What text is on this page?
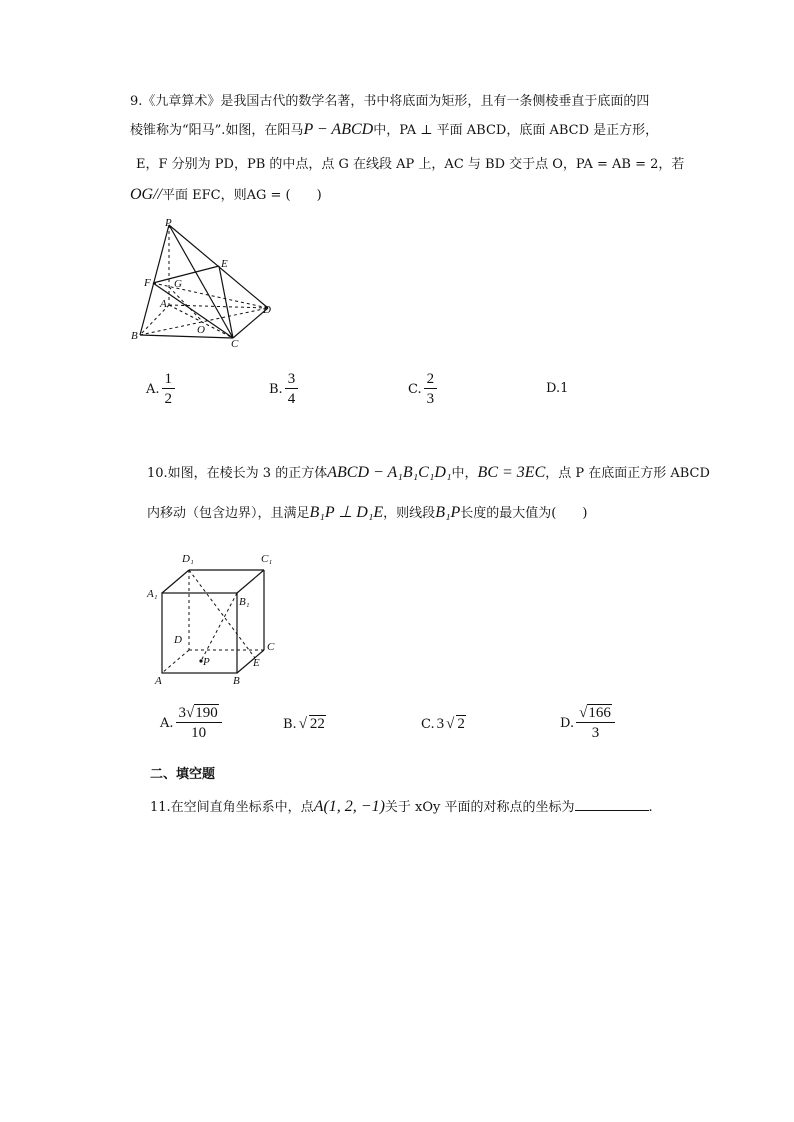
9.《九章算术》是我国古代的数学名著，书中将底面为矩形，且有一条侧棱垂直于底面的四
棱锥称为“阳马”.如图，在阳马P − ABCD中，PA ⊥ 平面 ABCD，底面 ABCD 是正方形，
E，F 分别为 PD，PB 的中点，点 G 在线段 AP 上，AC 与 BD 交于点 O，PA = AB = 2，若
OG//平面 EFC，则AG = (　　)
P
E
F G
A	D
O
B
C
A. $\frac{1}{2}$	B. $\frac{3}{4}$	C. $\frac{2}{3}$	D.1
10.如图，在棱长为 3 的正方体ABCD − A₁B₁C₁D₁中，BC = 3EC，点 P 在底面正方形 ABCD
内移动（包含边界），且满足B₁P ⊥ D₁E，则线段B₁P长度的最大值为(　　)
D₁	C₁
A₁
B₁
D
C
P	E
A	B
A. $\frac{3√190}{10}$	B. √ 22	C. 3 √ 2	D. $\frac{√166}{3}$
二、填空题
11.在空间直角坐标系中，点A(1, 2, −1)关于 xOy 平面的对称点的坐标为	.
